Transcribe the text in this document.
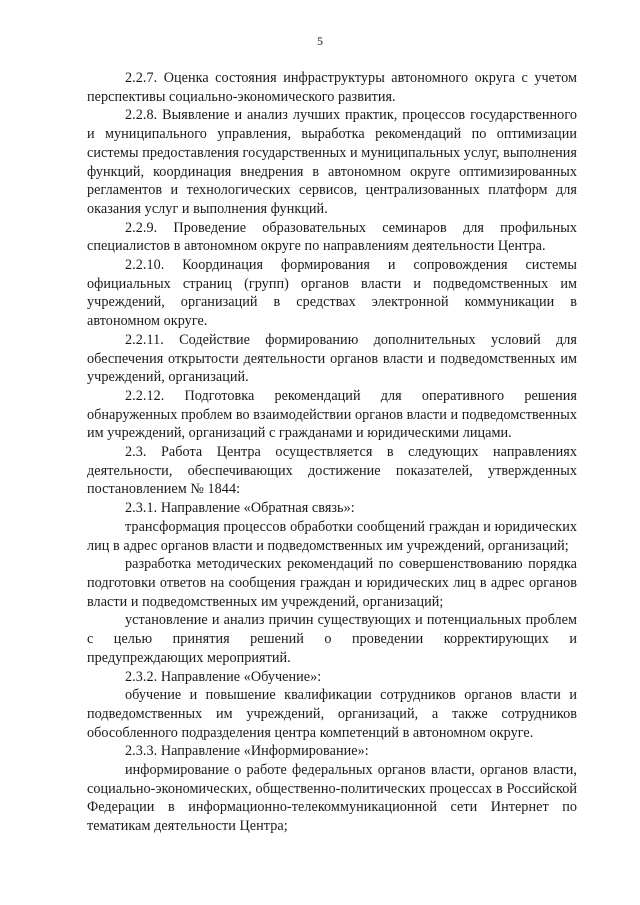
5

2.2.7. Оценка состояния инфраструктуры автономного округа с учетом перспективы социально-экономического развития.

2.2.8. Выявление и анализ лучших практик, процессов государственного и муниципального управления, выработка рекомендаций по оптимизации системы предоставления государственных и муниципальных услуг, выполнения функций, координация внедрения в автономном округе оптимизированных регламентов и технологических сервисов, централизованных платформ для оказания услуг и выполнения функций.

2.2.9. Проведение образовательных семинаров для профильных специалистов в автономном округе по направлениям деятельности Центра.

2.2.10. Координация формирования и сопровождения системы официальных страниц (групп) органов власти и подведомственных им учреждений, организаций в средствах электронной коммуникации в автономном округе.

2.2.11. Содействие формированию дополнительных условий для обеспечения открытости деятельности органов власти и подведомственных им учреждений, организаций.

2.2.12. Подготовка рекомендаций для оперативного решения обнаруженных проблем во взаимодействии органов власти и подведомственных им учреждений, организаций с гражданами и юридическими лицами.

2.3. Работа Центра осуществляется в следующих направлениях деятельности, обеспечивающих достижение показателей, утвержденных постановлением № 1844:

2.3.1. Направление «Обратная связь»:

трансформация процессов обработки сообщений граждан и юридических лиц в адрес органов власти и подведомственных им учреждений, организаций;

разработка методических рекомендаций по совершенствованию порядка подготовки ответов на сообщения граждан и юридических лиц в адрес органов власти и подведомственных им учреждений, организаций;

установление и анализ причин существующих и потенциальных проблем с целью принятия решений о проведении корректирующих и предупреждающих мероприятий.

2.3.2. Направление «Обучение»:

обучение и повышение квалификации сотрудников органов власти и подведомственных им учреждений, организаций, а также сотрудников обособленного подразделения центра компетенций в автономном округе.

2.3.3. Направление «Информирование»:

информирование о работе федеральных органов власти, органов власти, социально-экономических, общественно-политических процессах в Российской Федерации в информационно-телекоммуникационной сети Интернет по тематикам деятельности Центра;
